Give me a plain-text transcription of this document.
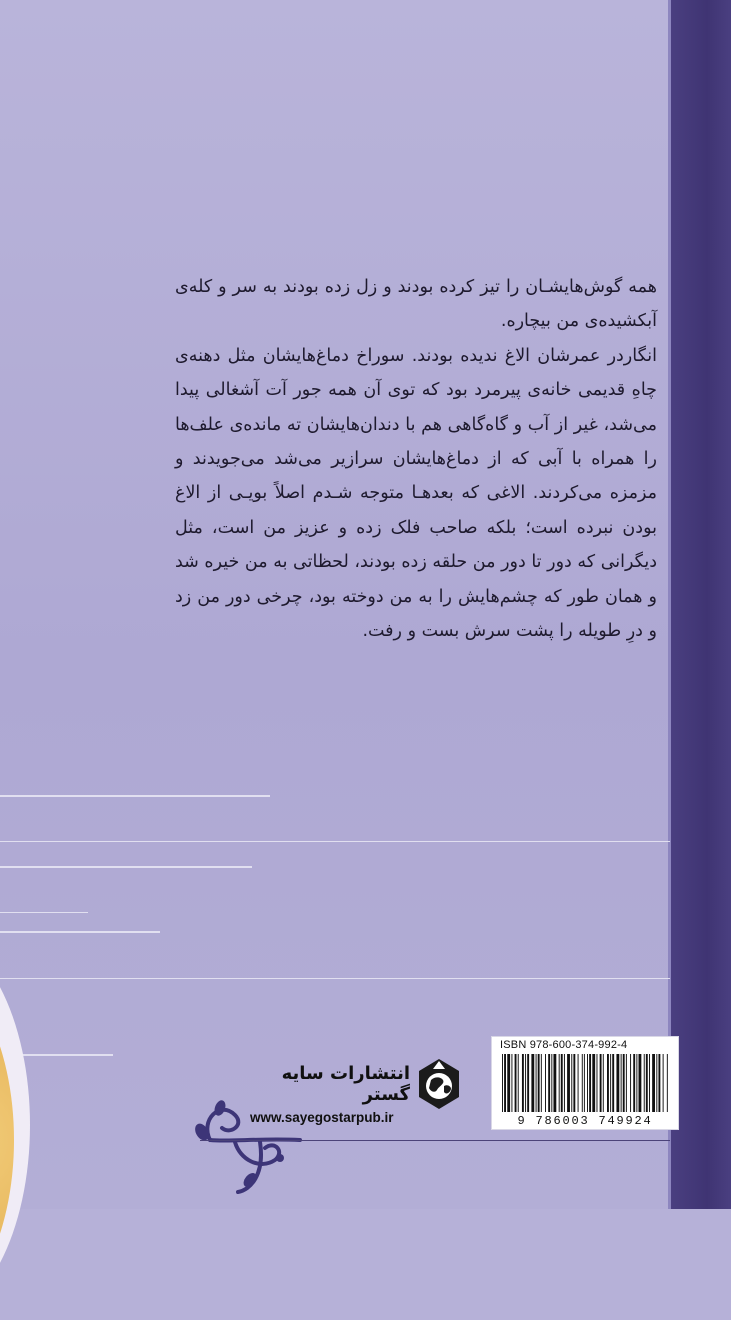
همه گوش‌هایشـان را تیز کرده بودند و زل زده بودند به سر و کله‌ی آبکشیده‌ی من بیچاره.

انگاردر عمرشان الاغ ندیده بودند. سوراخ دماغ‌هایشان مثل دهنه‌ی چاهِ قدیمی خانه‌ی پیرمرد بود که توی آن همه جور آت آشغالی پیدا می‌شد، غیر از آب و گاه‌گاهی هم با دندان‌هایشان ته مانده‌ی علف‌ها را همراه با آبی که از دماغ‌هایشان سرازیر می‌شد می‌جویدند و مزمزه می‌کردند. الاغی که بعدهـا متوجه شـدم اصلاً بویـی از الاغ بودن نبرده است؛ بلکه صاحب فلک زده و عزیز من است، مثل دیگرانی که دور تا دور من حلقه زده بودند، لحظاتی به من خیره شد و همان طور که چشم‌هایش را به من دوخته بود، چرخی دور من زد و درِ طویله را پشت سرش بست و رفت.

انتشارات سایه گستر
www.sayegostarpub.ir
ISBN 978-600-374-992-4
9 786003 749924
